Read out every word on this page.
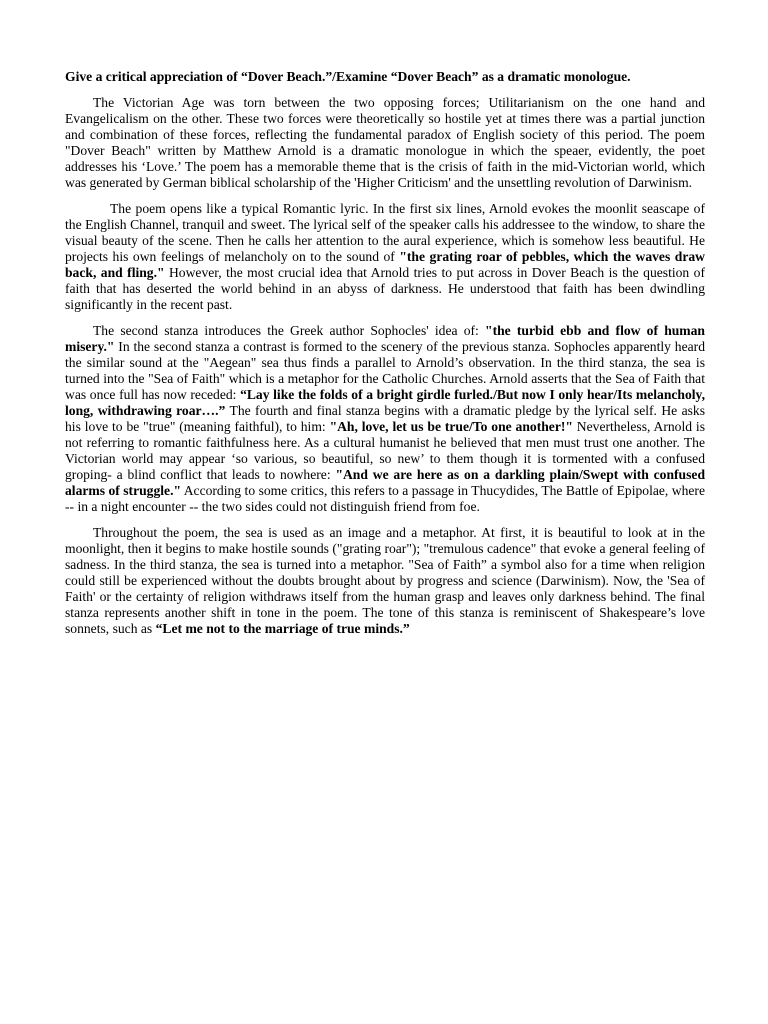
Give a critical appreciation of “Dover Beach.”/Examine “Dover Beach” as a dramatic monologue.

The Victorian Age was torn between the two opposing forces; Utilitarianism on the one hand and Evangelicalism on the other. These two forces were theoretically so hostile yet at times there was a partial junction and combination of these forces, reflecting the fundamental paradox of English society of this period. The poem "Dover Beach" written by Matthew Arnold is a dramatic monologue in which the speaer, evidently, the poet addresses his ‘Love.’ The poem has a memorable theme that is the crisis of faith in the mid-Victorian world, which was generated by German biblical scholarship of the 'Higher Criticism' and the unsettling revolution of Darwinism.

The poem opens like a typical Romantic lyric. In the first six lines, Arnold evokes the moonlit seascape of the English Channel, tranquil and sweet. The lyrical self of the speaker calls his addressee to the window, to share the visual beauty of the scene. Then he calls her attention to the aural experience, which is somehow less beautiful. He projects his own feelings of melancholy on to the sound of "the grating roar of pebbles, which the waves draw back, and fling." However, the most crucial idea that Arnold tries to put across in Dover Beach is the question of faith that has deserted the world behind in an abyss of darkness. He understood that faith has been dwindling significantly in the recent past.

The second stanza introduces the Greek author Sophocles' idea of: "the turbid ebb and flow of human misery." In the second stanza a contrast is formed to the scenery of the previous stanza. Sophocles apparently heard the similar sound at the "Aegean" sea thus finds a parallel to Arnold’s observation. In the third stanza, the sea is turned into the "Sea of Faith" which is a metaphor for the Catholic Churches. Arnold asserts that the Sea of Faith that was once full has now receded: “Lay like the folds of a bright girdle furled./But now I only hear/Its melancholy, long, withdrawing roar….” The fourth and final stanza begins with a dramatic pledge by the lyrical self. He asks his love to be "true" (meaning faithful), to him: "Ah, love, let us be true/To one another!" Nevertheless, Arnold is not referring to romantic faithfulness here. As a cultural humanist he believed that men must trust one another. The Victorian world may appear ‘so various, so beautiful, so new’ to them though it is tormented with a confused groping- a blind conflict that leads to nowhere: "And we are here as on a darkling plain/Swept with confused alarms of struggle." According to some critics, this refers to a passage in Thucydides, The Battle of Epipolae, where -- in a night encounter -- the two sides could not distinguish friend from foe.

Throughout the poem, the sea is used as an image and a metaphor. At first, it is beautiful to look at in the moonlight, then it begins to make hostile sounds ("grating roar"); "tremulous cadence" that evoke a general feeling of sadness. In the third stanza, the sea is turned into a metaphor. "Sea of Faith” a symbol also for a time when religion could still be experienced without the doubts brought about by progress and science (Darwinism). Now, the 'Sea of Faith' or the certainty of religion withdraws itself from the human grasp and leaves only darkness behind. The final stanza represents another shift in tone in the poem. The tone of this stanza is reminiscent of Shakespeare’s love sonnets, such as “Let me not to the marriage of true minds.”
